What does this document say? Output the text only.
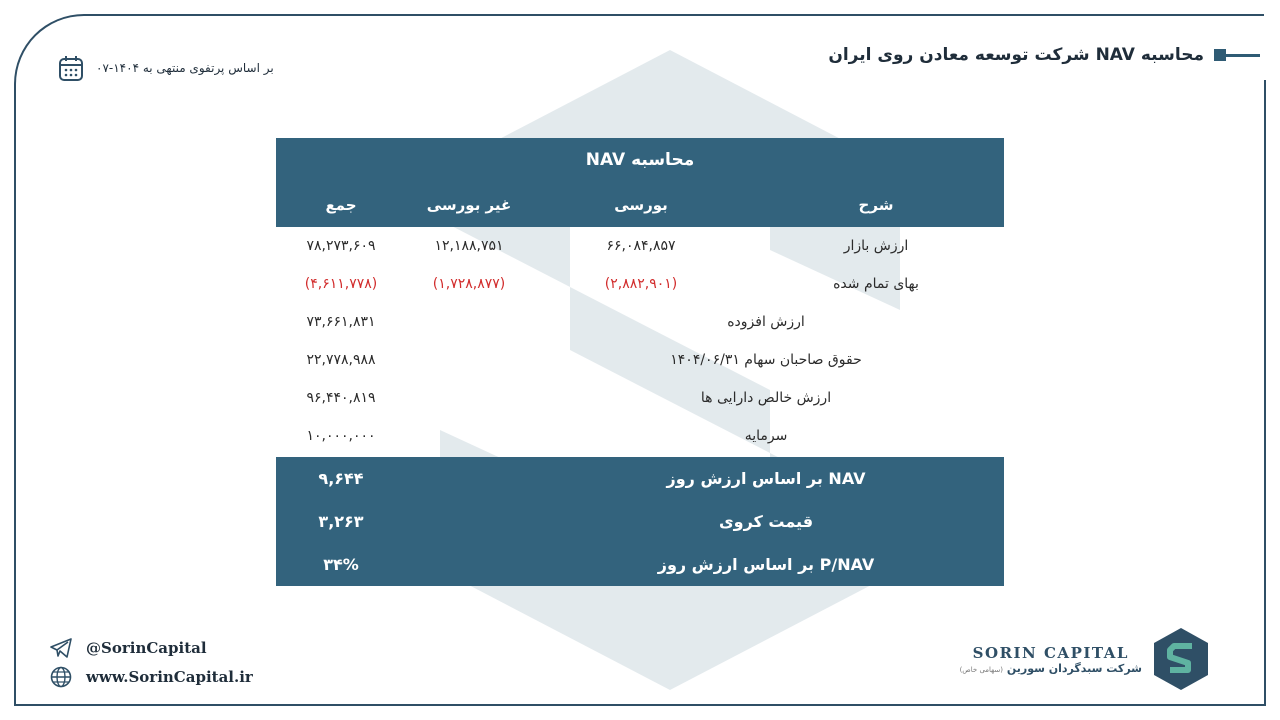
محاسبه NAV شرکت توسعه معادن روی ایران
بر اساس پرتفوی منتهی به ۱۴۰۴-۰۷
محاسبه NAV
شرح
بورسی
غیر بورسی
جمع
ارزش بازار
۶۶,۰۸۴,۸۵۷
۱۲,۱۸۸,۷۵۱
۷۸,۲۷۳,۶۰۹
بهای تمام شده
(۲,۸۸۲,۹۰۱)
(۱,۷۲۸,۸۷۷)
(۴,۶۱۱,۷۷۸)
ارزش افزوده
۷۳,۶۶۱,۸۳۱
حقوق صاحبان سهام ۱۴۰۴/۰۶/۳۱
۲۲,۷۷۸,۹۸۸
ارزش خالص دارایی ها
۹۶,۴۴۰,۸۱۹
سرمایه
۱۰,۰۰۰,۰۰۰
NAV بر اساس ارزش روز
۹,۶۴۴
قیمت کروی
۳,۲۶۳
P/NAV بر اساس ارزش روز
۳۴%
@SorinCapital
www.SorinCapital.ir
SORIN CAPITAL
شرکت سبدگردان سورین (سهامی خاص)
